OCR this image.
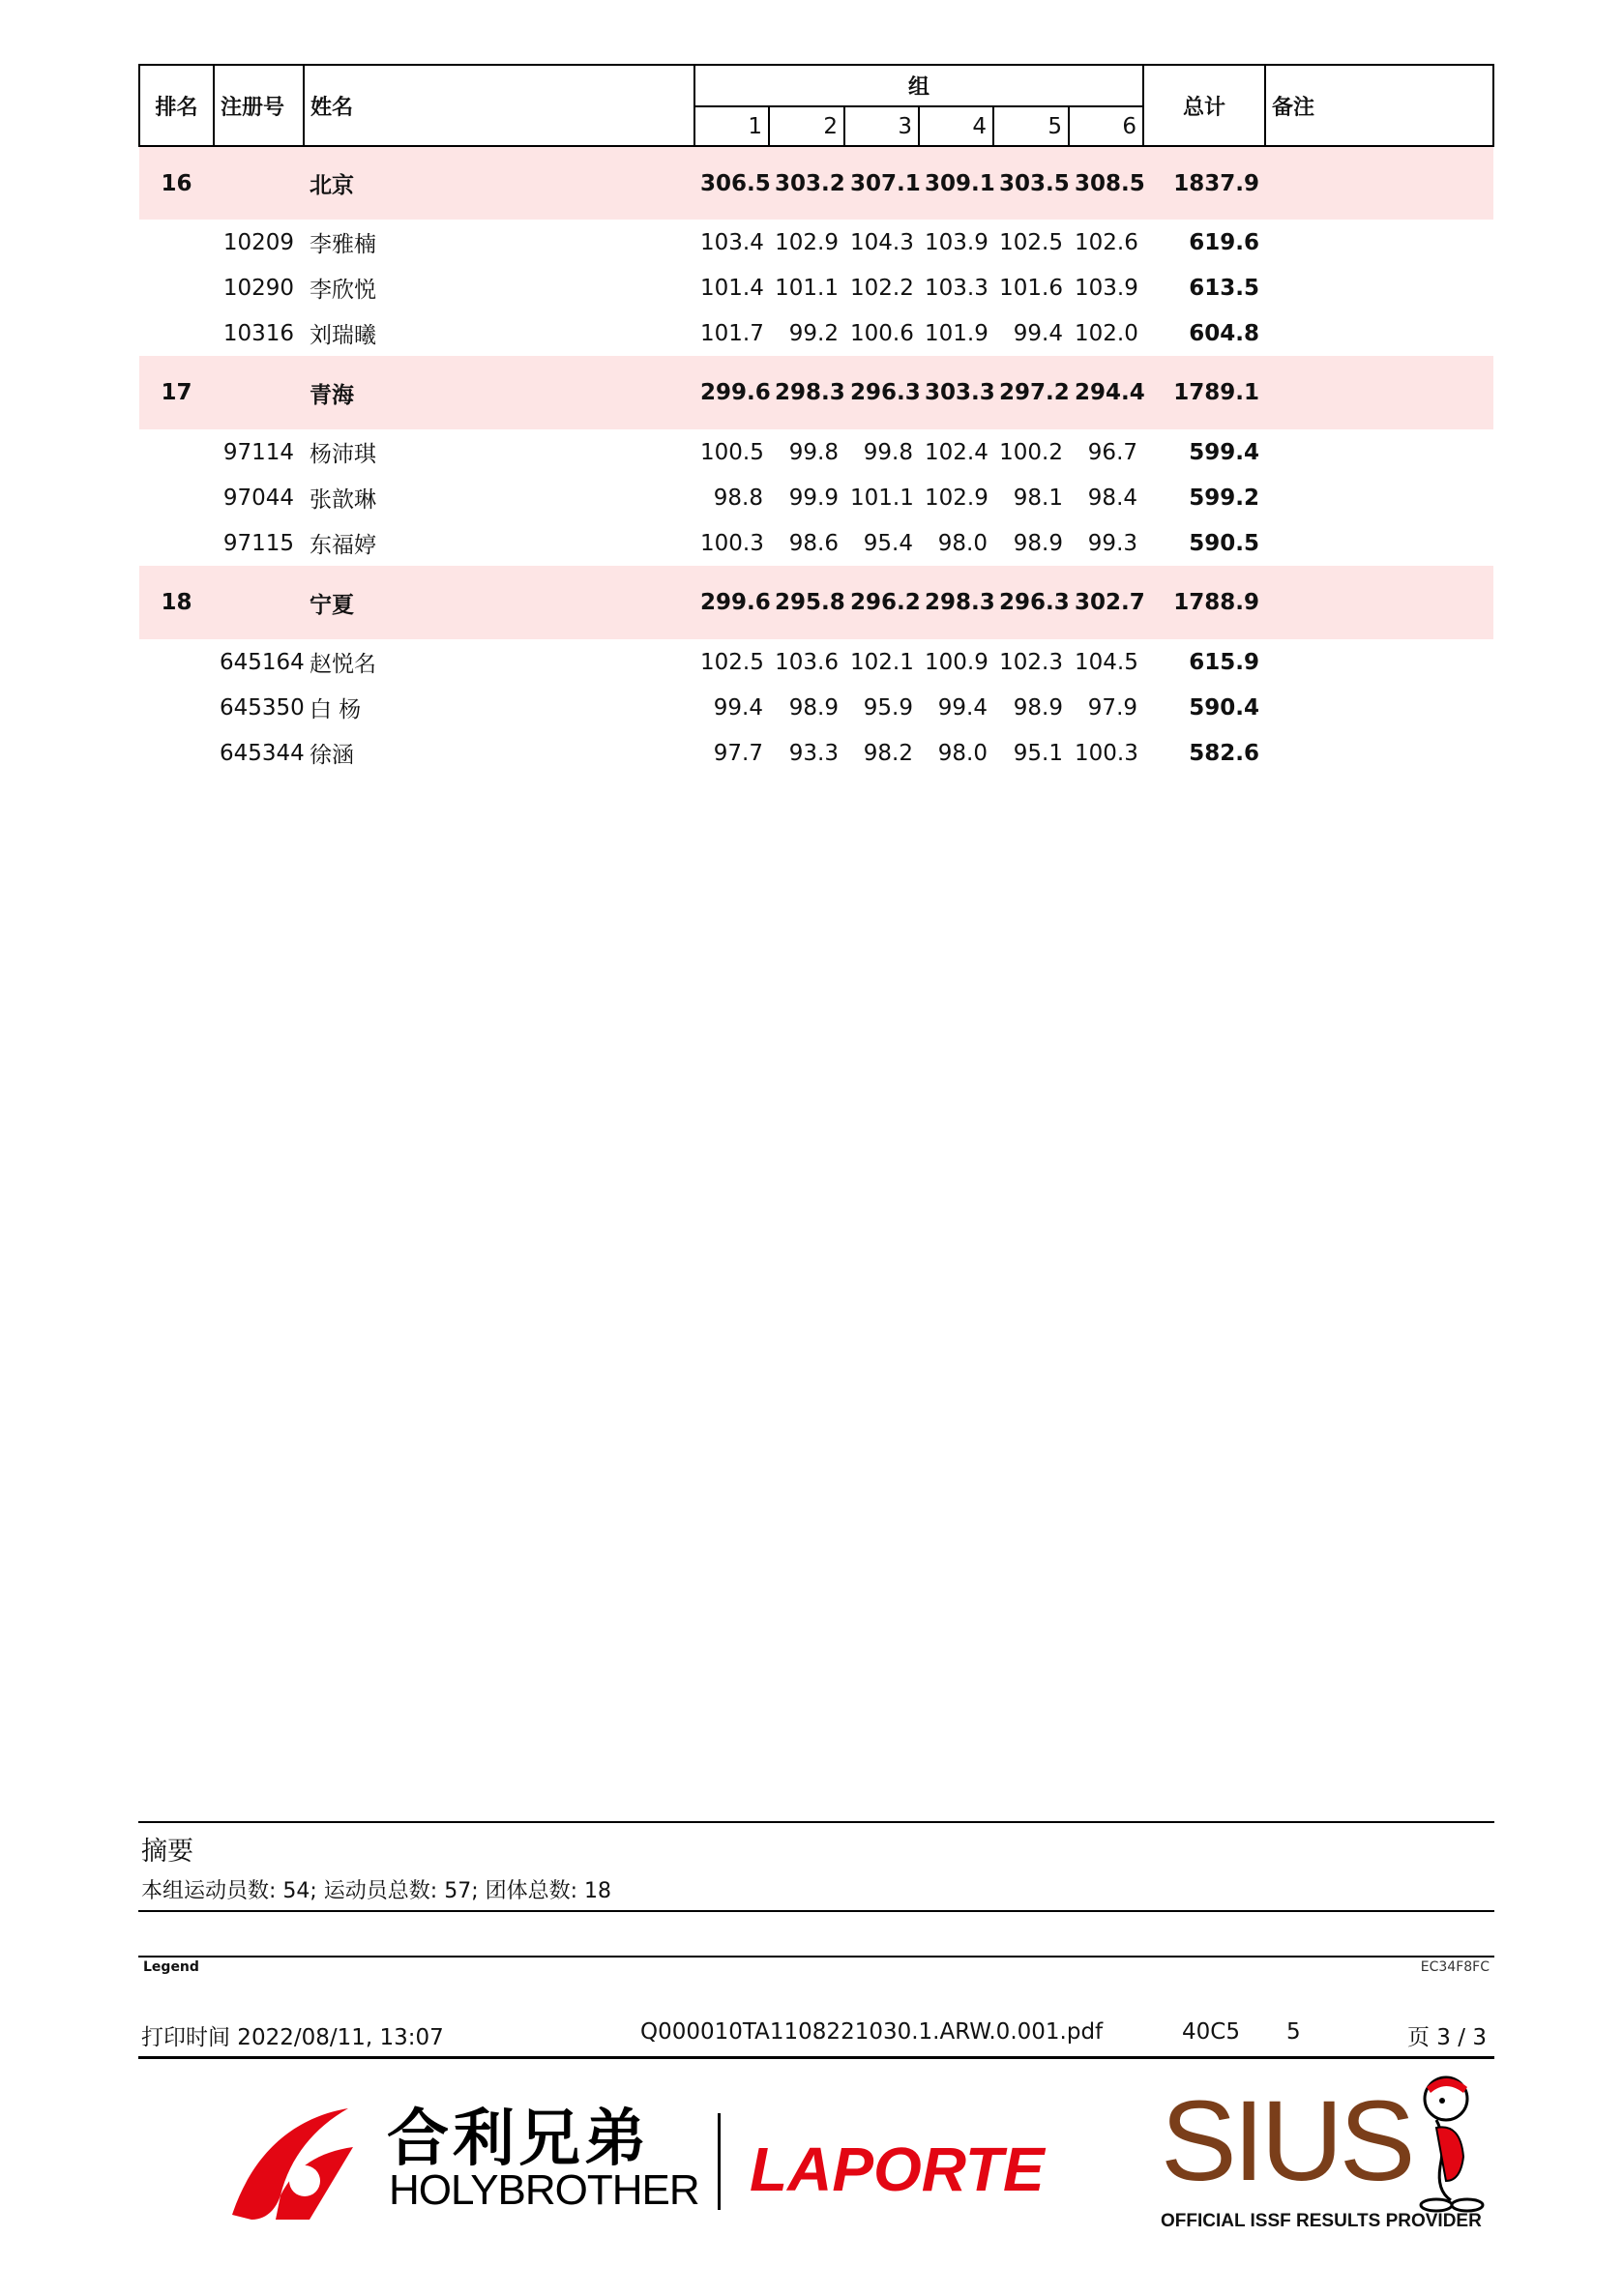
排名	注册号	姓名	组						总计	备注
			1	2	3	4	5	6		
16		北京	306.5	303.2	307.1	309.1	303.5	308.5	1837.9	
	10209	李雅楠	103.4	102.9	104.3	103.9	102.5	102.6	619.6	
	10290	李欣悦	101.4	101.1	102.2	103.3	101.6	103.9	613.5	
	10316	刘瑞曦	101.7	99.2	100.6	101.9	99.4	102.0	604.8	
17		青海	299.6	298.3	296.3	303.3	297.2	294.4	1789.1	
	97114	杨沛琪	100.5	99.8	99.8	102.4	100.2	96.7	599.4	
	97044	张歆琳	98.8	99.9	101.1	102.9	98.1	98.4	599.2	
	97115	东福婷	100.3	98.6	95.4	98.0	98.9	99.3	590.5	
18		宁夏	299.6	295.8	296.2	298.3	296.3	302.7	1788.9	
	645164	赵悦名	102.5	103.6	102.1	100.9	102.3	104.5	615.9	
	645350	白 杨	99.4	98.9	95.9	99.4	98.9	97.9	590.4	
	645344	徐涵	97.7	93.3	98.2	98.0	95.1	100.3	582.6	
摘要
本组运动员数: 54; 运动员总数: 57; 团体总数: 18
Legend	EC34F8FC
打印时间 2022/08/11, 13:07	Q000010TA1108221030.1.ARW.0.001.pdf	40C5 5	页 3 / 3
合利兄弟
HOLYBROTHER LAPORTE SIUS
OFFICIAL ISSF RESULTS PROVIDER
